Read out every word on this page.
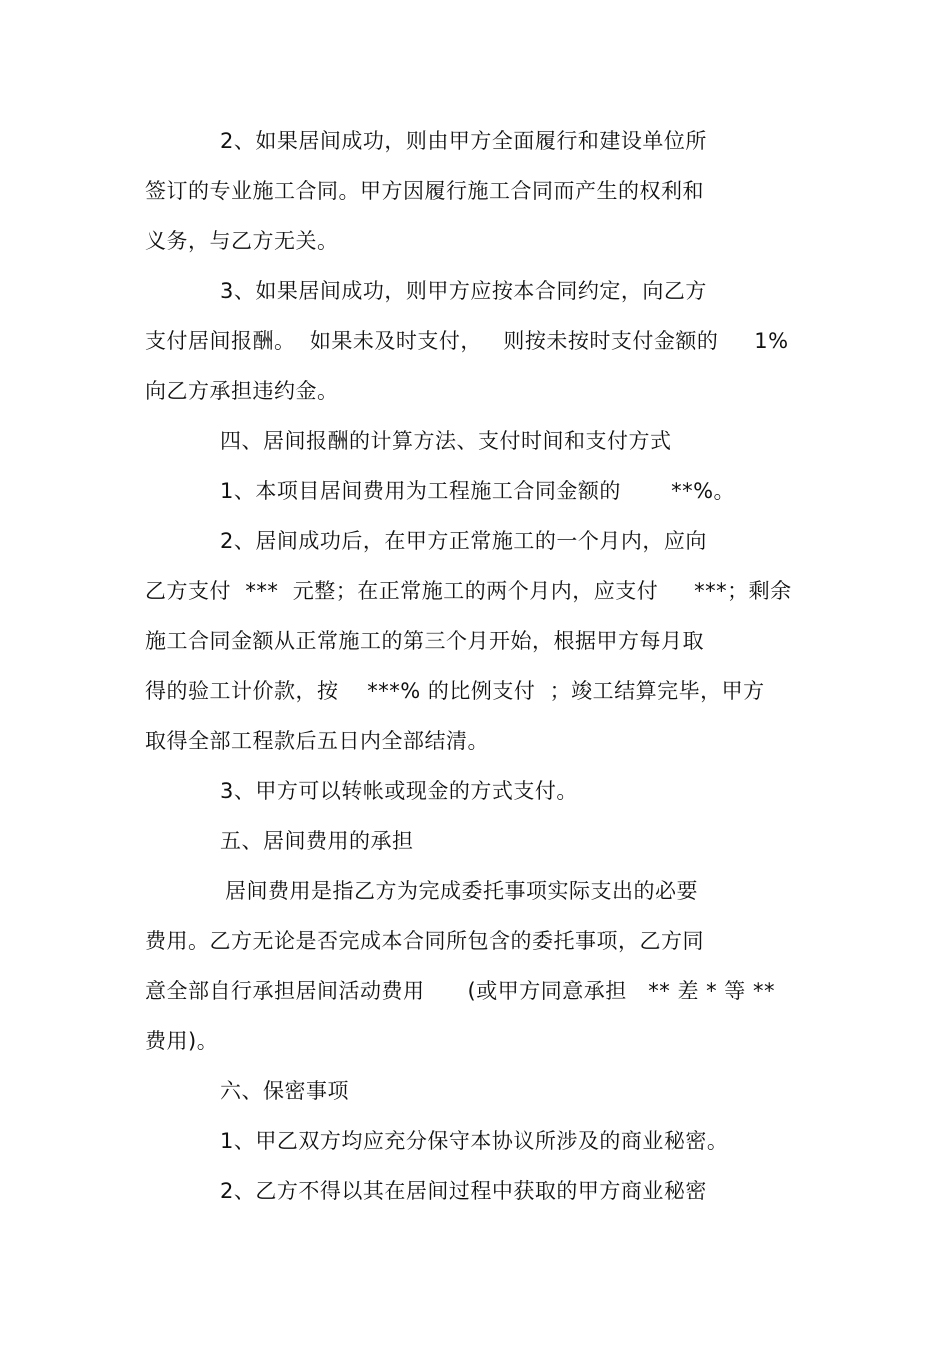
2、如果居间成功，则由甲方全面履行和建设单位所
签订的专业施工合同。甲方因履行施工合同而产生的权利和
义务，与乙方无关。
3、如果居间成功，则甲方应按本合同约定，向乙方
支付居间报酬。  如果未及时支付，   则按未按时支付金额的     1%
向乙方承担违约金。
四、居间报酬的计算方法、支付时间和支付方式
1、本项目居间费用为工程施工合同金额的       **%。
2、居间成功后，在甲方正常施工的一个月内，应向
乙方支付  ***  元整；在正常施工的两个月内，应支付     ***；剩余
施工合同金额从正常施工的第三个月开始，根据甲方每月取
得的验工计价款，按    ***% 的比例支付  ；竣工结算完毕，甲方
取得全部工程款后五日内全部结清。
3、甲方可以转帐或现金的方式支付。
五、居间费用的承担
居间费用是指乙方为完成委托事项实际支出的必要
费用。乙方无论是否完成本合同所包含的委托事项，乙方同
意全部自行承担居间活动费用      (或甲方同意承担   ** 差 * 等 **
费用)。
六、保密事项
1、甲乙双方均应充分保守本协议所涉及的商业秘密。
2、乙方不得以其在居间过程中获取的甲方商业秘密
